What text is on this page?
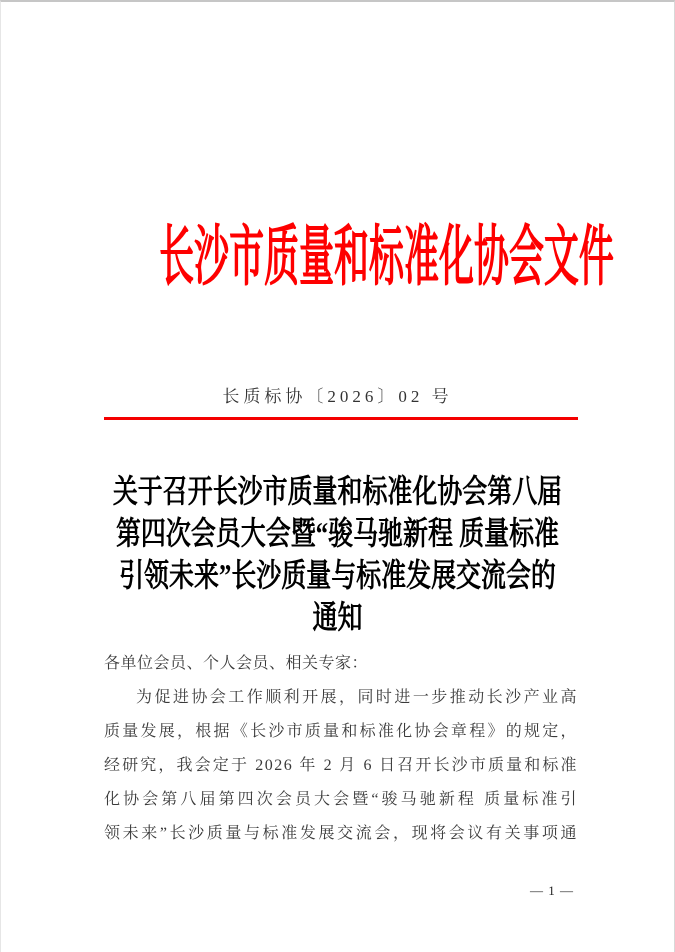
长沙市质量和标准化协会文件
长质标协〔2026〕02 号
关于召开长沙市质量和标准化协会第八届
第四次会员大会暨“骏马驰新程 质量标准
引领未来”长沙质量与标准发展交流会的
通知
各单位会员、个人会员、相关专家：
为促进协会工作顺利开展，同时进一步推动长沙产业高
质量发展，根据《长沙市质量和标准化协会章程》的规定，
经研究，我会定于 2026 年 2 月 6 日召开长沙市质量和标准
化协会第八届第四次会员大会暨“骏马驰新程 质量标准引
领未来”长沙质量与标准发展交流会，现将会议有关事项通
— 1 —
